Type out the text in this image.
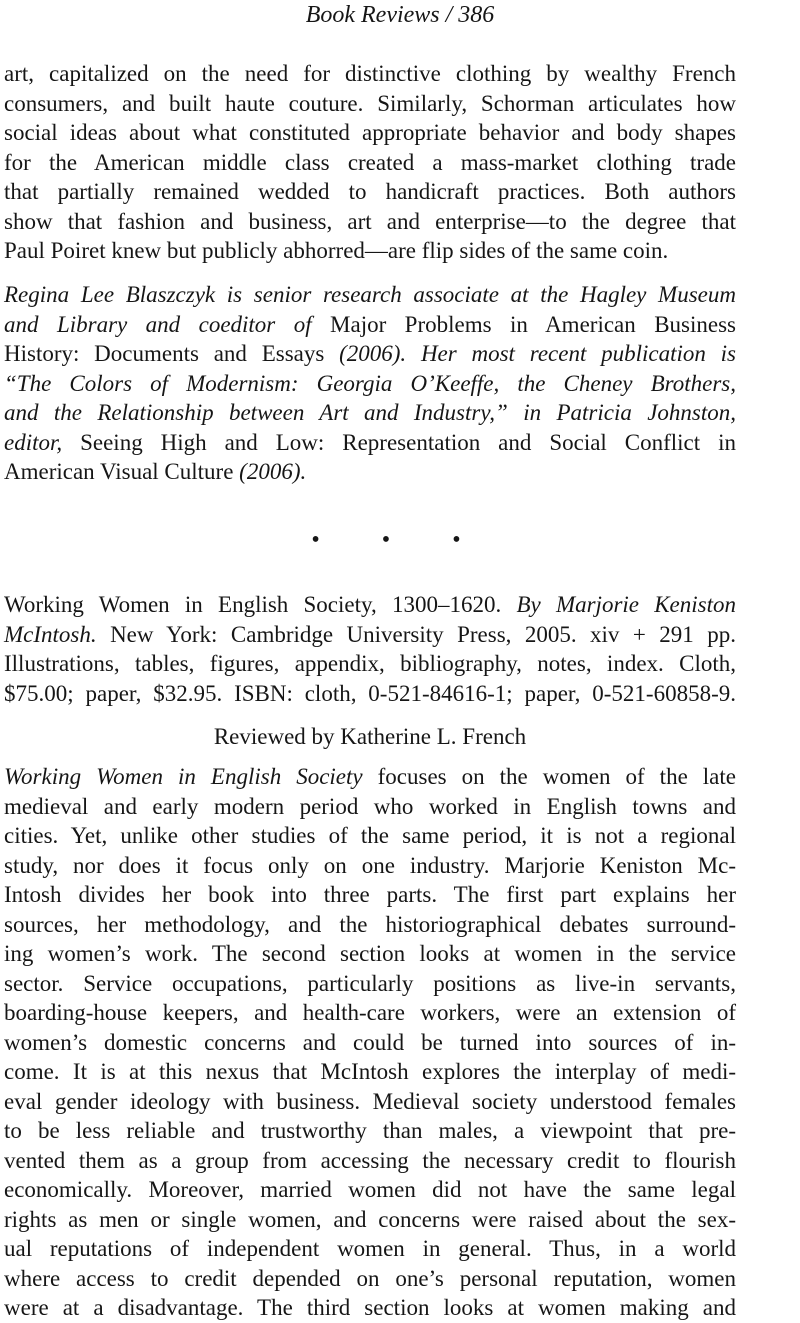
Book Reviews / 386
art, capitalized on the need for distinctive clothing by wealthy French
consumers, and built haute couture. Similarly, Schorman articulates how
social ideas about what constituted appropriate behavior and body shapes
for the American middle class created a mass-market clothing trade
that partially remained wedded to handicraft practices. Both authors
show that fashion and business, art and enterprise—to the degree that
Paul Poiret knew but publicly abhorred—are flip sides of the same coin.
Regina Lee Blaszczyk is senior research associate at the Hagley Museum
and Library and coeditor of Major Problems in American Business
History: Documents and Essays (2006). Her most recent publication is
“The Colors of Modernism: Georgia O’Keeffe, the Cheney Brothers,
and the Relationship between Art and Industry,” in Patricia Johnston,
editor, Seeing High and Low: Representation and Social Conflict in
American Visual Culture (2006).
• • •
Working Women in English Society, 1300–1620. By Marjorie Keniston
McIntosh. New York: Cambridge University Press, 2005. xiv + 291 pp.
Illustrations, tables, figures, appendix, bibliography, notes, index. Cloth,
$75.00; paper, $32.95. ISBN: cloth, 0-521-84616-1; paper, 0-521-60858-9.
Reviewed by Katherine L. French
Working Women in English Society focuses on the women of the late
medieval and early modern period who worked in English towns and
cities. Yet, unlike other studies of the same period, it is not a regional
study, nor does it focus only on one industry. Marjorie Keniston Mc-
Intosh divides her book into three parts. The first part explains her
sources, her methodology, and the historiographical debates surround-
ing women’s work. The second section looks at women in the service
sector. Service occupations, particularly positions as live-in servants,
boarding-house keepers, and health-care workers, were an extension of
women’s domestic concerns and could be turned into sources of in-
come. It is at this nexus that McIntosh explores the interplay of medi-
eval gender ideology with business. Medieval society understood females
to be less reliable and trustworthy than males, a viewpoint that pre-
vented them as a group from accessing the necessary credit to flourish
economically. Moreover, married women did not have the same legal
rights as men or single women, and concerns were raised about the sex-
ual reputations of independent women in general. Thus, in a world
where access to credit depended on one’s personal reputation, women
were at a disadvantage. The third section looks at women making and
